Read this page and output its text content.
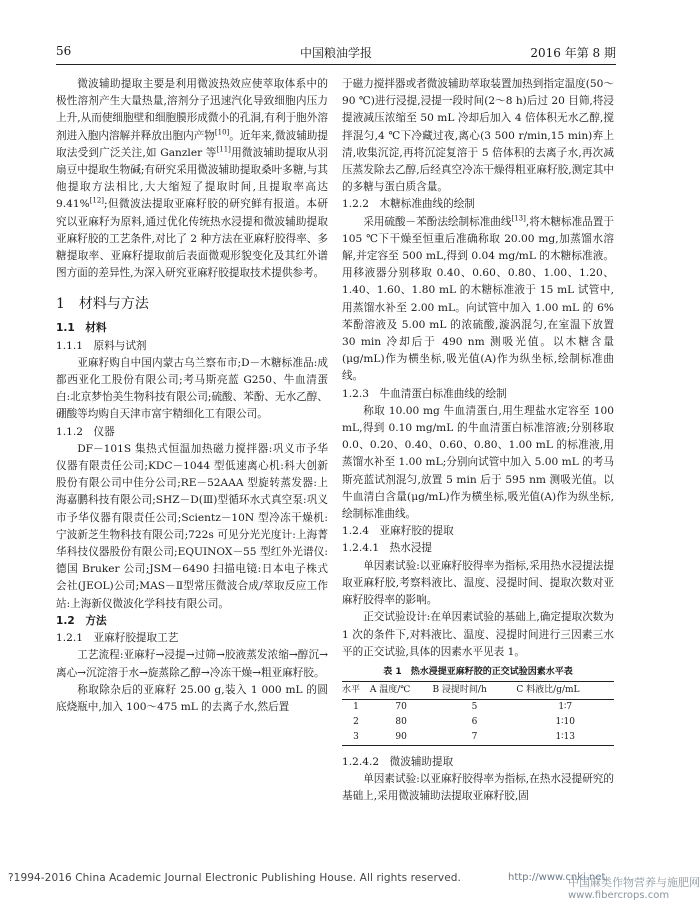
56	中国粮油学报	2016 年第 8 期

微波辅助提取主要是利用微波热效应使萃取体系中的极性溶剂产生大量热量,溶剂分子迅速汽化导致细胞内压力上升,从而使细胞壁和细胞膜形成微小的孔洞,有利于胞外溶剂进入胞内溶解并释放出胞内产物[10]。近年来,微波辅助提取法受到广泛关注,如 Ganzler 等[11]用微波辅助提取从羽扇豆中提取生物碱;有研究采用微波辅助提取桑叶多糖,与其他提取方法相比,大大缩短了提取时间,且提取率高达 9.41%[12];但微波法提取亚麻籽胶的研究鲜有报道。本研究以亚麻籽为原料,通过优化传统热水浸提和微波辅助提取亚麻籽胶的工艺条件,对比了 2 种方法在亚麻籽胶得率、多糖提取率、亚麻籽提取前后表面微观形貌变化及其红外谱图方面的差异性,为深入研究亚麻籽胶提取技术提供参考。

1　材料与方法
1.1　材料
1.1.1　原料与试剂

亚麻籽购自中国内蒙古乌兰察布市;D－木糖标准品:成都西亚化工股份有限公司;考马斯亮蓝 G250、牛血清蛋白:北京梦怡美生物科技有限公司;硫酸、苯酚、无水乙醇、硼酸等均购自天津市富宇精细化工有限公司。

1.1.2　仪器

DF－101S 集热式恒温加热磁力搅拌器:巩义市予华仪器有限责任公司;KDC－1044 型低速离心机:科大创新股份有限公司中佳分公司;RE－52AAA 型旋转蒸发器:上海嘉鹏科技有限公司;SHZ－D(Ⅲ)型循环水式真空泵:巩义市予华仪器有限责任公司;Scientz－10N 型冷冻干燥机:宁波新芝生物科技有限公司;722s 可见分光光度计:上海菁华科技仪器股份有限公司;EQUINOX－55 型红外光谱仪:德国 Bruker 公司;JSM－6490 扫描电镜:日本电子株式会社(JEOL)公司;MAS－Ⅱ型常压微波合成/萃取反应工作站:上海新仪微波化学科技有限公司。

1.2　方法
1.2.1　亚麻籽胶提取工艺

工艺流程:亚麻籽→浸提→过筛→胶液蒸发浓缩→醇沉→离心→沉淀溶于水→旋蒸除乙醇→冷冻干燥→粗亚麻籽胶。

称取除杂后的亚麻籽 25.00 g,装入 1 000 mL 的圆底烧瓶中,加入 100～475 mL 的去离子水,然后置

于磁力搅拌器或者微波辅助萃取装置加热到指定温度(50～90 ℃)进行浸提,浸提一段时间(2～8 h)后过 20 目筛,将浸提液减压浓缩至 50 mL 冷却后加入 4 倍体积无水乙醇,搅拌混匀,4 ℃下冷藏过夜,离心(3 500 r/min,15 min)弃上清,收集沉淀,再将沉淀复溶于 5 倍体积的去离子水,再次减压蒸发除去乙醇,后经真空冷冻干燥得粗亚麻籽胶,测定其中的多糖与蛋白质含量。

1.2.2　木糖标准曲线的绘制

采用硫酸－苯酚法绘制标准曲线[13],将木糖标准品置于 105 ℃下干燥至恒重后准确称取 20.00 mg,加蒸馏水溶解,并定容至 500 mL,得到 0.04 mg/mL 的木糖标准液。用移液器分别移取 0.40、0.60、0.80、1.00、1.20、1.40、1.60、1.80 mL 的木糖标准液于 15 mL 试管中,用蒸馏水补至 2.00 mL。向试管中加入 1.00 mL 的 6% 苯酚溶液及 5.00 mL 的浓硫酸,漩涡混匀,在室温下放置 30 min 冷却后于 490 nm 测吸光值。以木糖含量(μg/mL)作为横坐标,吸光值(A)作为纵坐标,绘制标准曲线。

1.2.3　牛血清蛋白标准曲线的绘制

称取 10.00 mg 牛血清蛋白,用生理盐水定容至 100 mL,得到 0.10 mg/mL 的牛血清蛋白标准溶液;分别移取 0.0、0.20、0.40、0.60、0.80、1.00 mL 的标准液,用蒸馏水补至 1.00 mL;分别向试管中加入 5.00 mL 的考马斯亮蓝试剂混匀,放置 5 min 后于 595 nm 测吸光值。以牛血清白含量(μg/mL)作为横坐标,吸光值(A)作为纵坐标,绘制标准曲线。

1.2.4　亚麻籽胶的提取
1.2.4.1　热水浸提

单因素试验:以亚麻籽胶得率为指标,采用热水浸提法提取亚麻籽胶,考察料液比、温度、浸提时间、提取次数对亚麻籽胶得率的影响。

正交试验设计:在单因素试验的基础上,确定提取次数为 1 次的条件下,对料液比、温度、浸提时间进行三因素三水平的正交试验,具体的因素水平见表 1。

表 1　热水浸提亚麻籽胶的正交试验因素水平表
水平	A 温度/℃	B 浸提时间/h	C 料液比/g/mL
1	70	5	1∶7
2	80	6	1∶10
3	90	7	1∶13
1.2.4.2　微波辅助提取

单因素试验:以亚麻籽胶得率为指标,在热水浸提研究的基础上,采用微波辅助法提取亚麻籽胶,固

?1994-2016 China Academic Journal Electronic Publishing House. All rights reserved.	http://www.cnki.net
中国麻类作物营养与施肥网
www.fibercrops.com
